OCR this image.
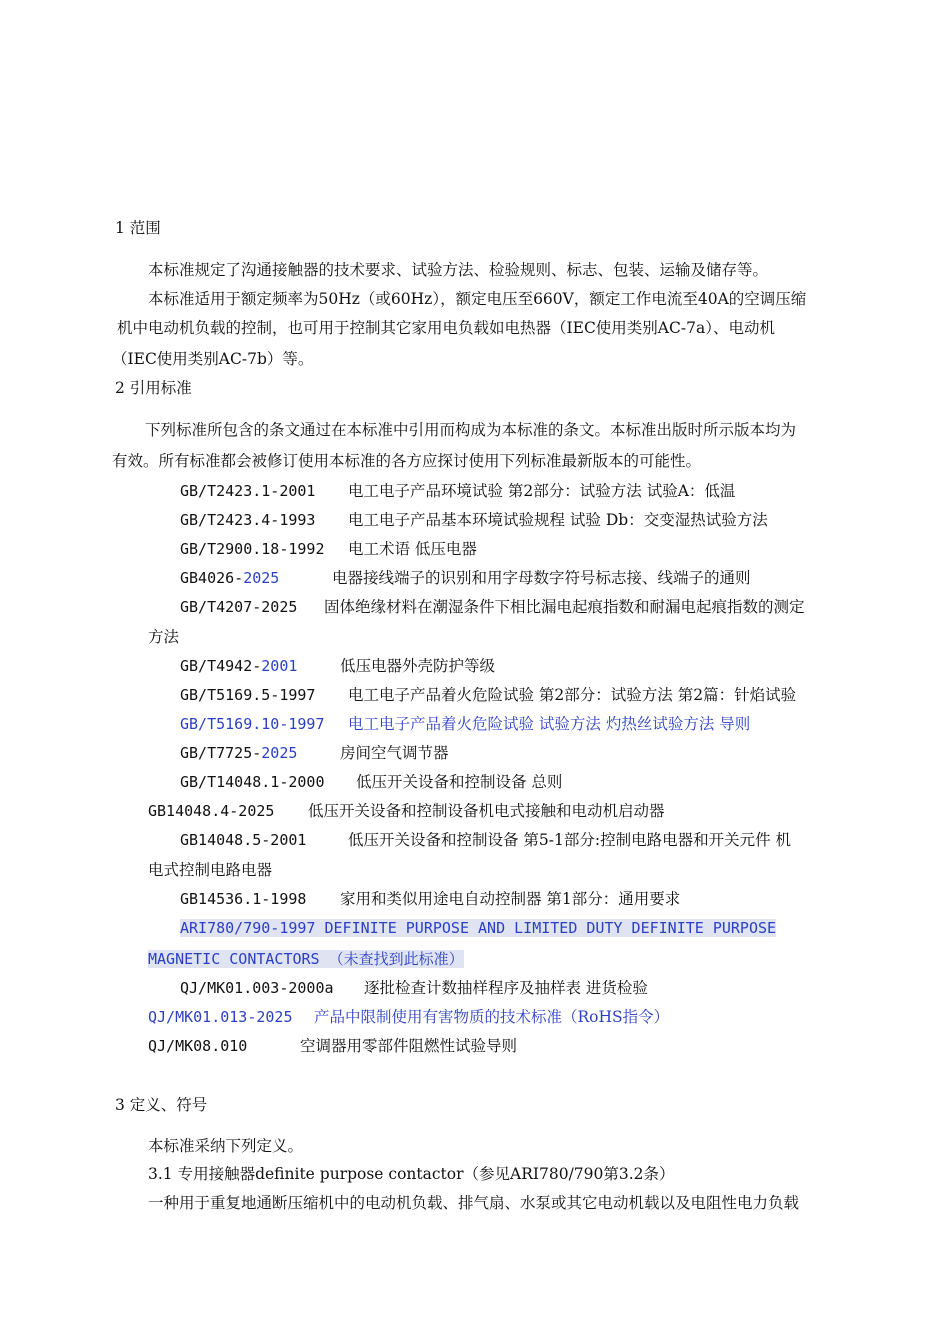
1 范围
本标准规定了沟通接触器的技术要求、试验方法、检验规则、标志、包装、运输及储存等。
本标准适用于额定频率为50Hz（或60Hz），额定电压至660V，额定工作电流至40A的空调压缩
机中电动机负载的控制，也可用于控制其它家用电负载如电热器（IEC使用类别AC-7a）、电动机
（IEC使用类别AC-7b）等。
2 引用标准
下列标准所包含的条文通过在本标准中引用而构成为本标准的条文。本标准出版时所示版本均为
有效。所有标准都会被修订使用本标准的各方应探讨使用下列标准最新版本的可能性。
GB/T2423.1-2001 电工电子产品环境试验 第2部分：试验方法 试验A：低温
GB/T2423.4-1993 电工电子产品基本环境试验规程 试验 Db：交变湿热试验方法
GB/T2900.18-1992 电工术语 低压电器
GB4026-2025	电器接线端子的识别和用字母数字符号标志接、线端子的通则
GB/T4207-2025 固体绝缘材料在潮湿条件下相比漏电起痕指数和耐漏电起痕指数的测定
方法
GB/T4942-2001	低压电器外壳防护等级
GB/T5169.5-1997 电工电子产品着火危险试验 第2部分：试验方法 第2篇：针焰试验
GB/T5169.10-1997 电工电子产品着火危险试验 试验方法 灼热丝试验方法 导则
GB/T7725-2025	房间空气调节器
GB/T14048.1-2000 低压开关设备和控制设备 总则
GB14048.4-2025 低压开关设备和控制设备机电式接触和电动机启动器
GB14048.5-2001	低压开关设备和控制设备 第5-1部分:控制电路电器和开关元件 机
电式控制电路电器
GB14536.1-1998 家用和类似用途电自动控制器 第1部分：通用要求
ARI780/790-1997 DEFINITE PURPOSE AND LIMITED DUTY DEFINITE PURPOSE
MAGNETIC CONTACTORS （未查找到此标准）
QJ/MK01.003-2000a 逐批检查计数抽样程序及抽样表 进货检验
QJ/MK01.013-2025 产品中限制使用有害物质的技术标准（RoHS指令）
QJ/MK08.010	空调器用零部件阻燃性试验导则
3 定义、符号
本标准采纳下列定义。
3.1 专用接触器definite purpose contactor（参见ARI780/790第3.2条）
一种用于重复地通断压缩机中的电动机负载、排气扇、水泵或其它电动机载以及电阻性电力负载
